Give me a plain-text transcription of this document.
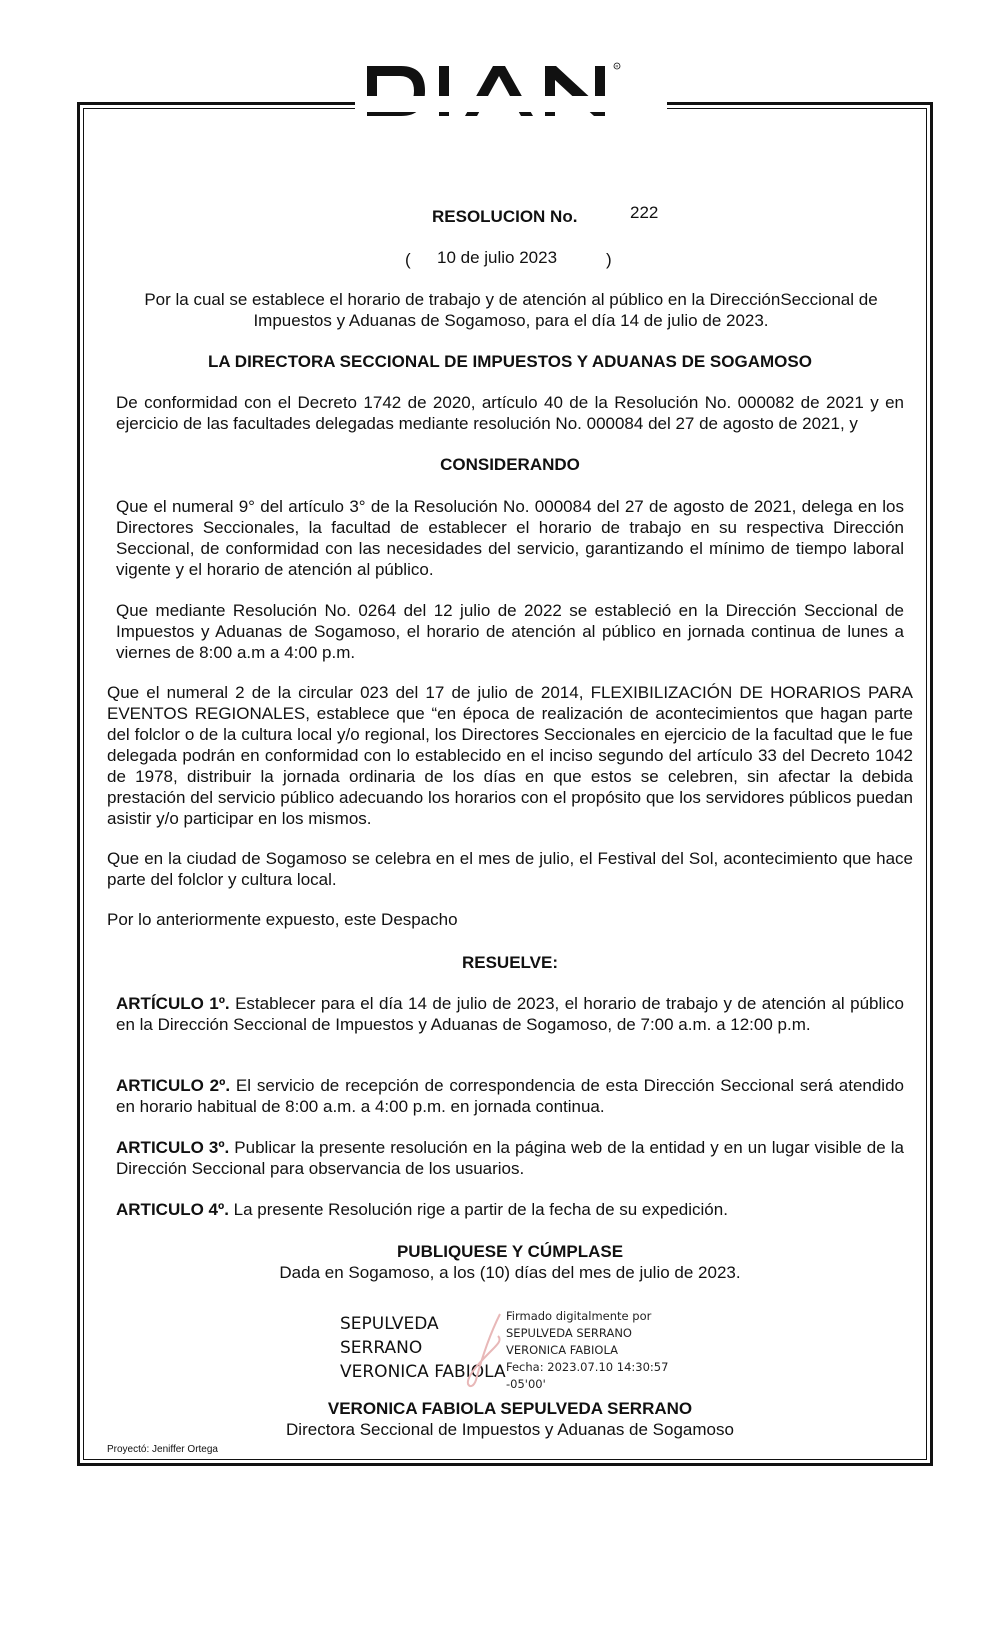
R
RESOLUCION No.	222
( 10 de julio 2023	)
Por la cual se establece el horario de trabajo y de atención al público en la DirecciónSeccional de Impuestos y Aduanas de Sogamoso, para el día 14 de julio de 2023.
LA DIRECTORA SECCIONAL DE IMPUESTOS Y ADUANAS DE SOGAMOSO
De conformidad con el Decreto 1742 de 2020, artículo 40 de la Resolución No. 000082 de 2021 y en ejercicio de las facultades delegadas mediante resolución No. 000084 del 27 de agosto de 2021, y
CONSIDERANDO
Que el numeral 9° del artículo 3° de la Resolución No. 000084 del 27 de agosto de 2021, delega en los Directores Seccionales, la facultad de establecer el horario de trabajo en su respectiva Dirección Seccional, de conformidad con las necesidades del servicio, garantizando el mínimo de tiempo laboral vigente y el horario de atención al público.
Que mediante Resolución No. 0264 del 12 julio de 2022 se estableció en la Dirección Seccional de Impuestos y Aduanas de Sogamoso, el horario de atención al público en jornada continua de lunes a viernes de 8:00 a.m a 4:00 p.m.
Que el numeral 2 de la circular 023 del 17 de julio de 2014, FLEXIBILIZACIÓN DE HORARIOS PARA EVENTOS REGIONALES, establece que “en época de realización de acontecimientos que hagan parte del folclor o de la cultura local y/o regional, los Directores Seccionales en ejercicio de la facultad que le fue delegada podrán en conformidad con lo establecido en el inciso segundo del artículo 33 del Decreto 1042 de 1978, distribuir la jornada ordinaria de los días en que estos se celebren, sin afectar la debida prestación del servicio público adecuando los horarios con el propósito que los servidores públicos puedan asistir y/o participar en los mismos.
Que en la ciudad de Sogamoso se celebra en el mes de julio, el Festival del Sol, acontecimiento que hace parte del folclor y cultura local.
Por lo anteriormente expuesto, este Despacho
RESUELVE:
ARTÍCULO 1º. Establecer para el día 14 de julio de 2023, el horario de trabajo y de atención al público en la Dirección Seccional de Impuestos y Aduanas de Sogamoso, de 7:00 a.m. a 12:00 p.m.
ARTICULO 2º. El servicio de recepción de correspondencia de esta Dirección Seccional será atendido en horario habitual de 8:00 a.m. a 4:00 p.m. en jornada continua.
ARTICULO 3º. Publicar la presente resolución en la página web de la entidad y en un lugar visible de la Dirección Seccional para observancia de los usuarios.
ARTICULO 4º. La presente Resolución rige a partir de la fecha de su expedición.
PUBLIQUESE Y CÚMPLASE
Dada en Sogamoso, a los (10) días del mes de julio de 2023.
SEPULVEDA
SERRANO
VERONICA FABIOLA
Firmado digitalmente por
SEPULVEDA SERRANO
VERONICA FABIOLA
Fecha: 2023.07.10 14:30:57
-05'00'
VERONICA FABIOLA SEPULVEDA SERRANO
Directora Seccional de Impuestos y Aduanas de Sogamoso
Proyectó: Jeniffer Ortega
